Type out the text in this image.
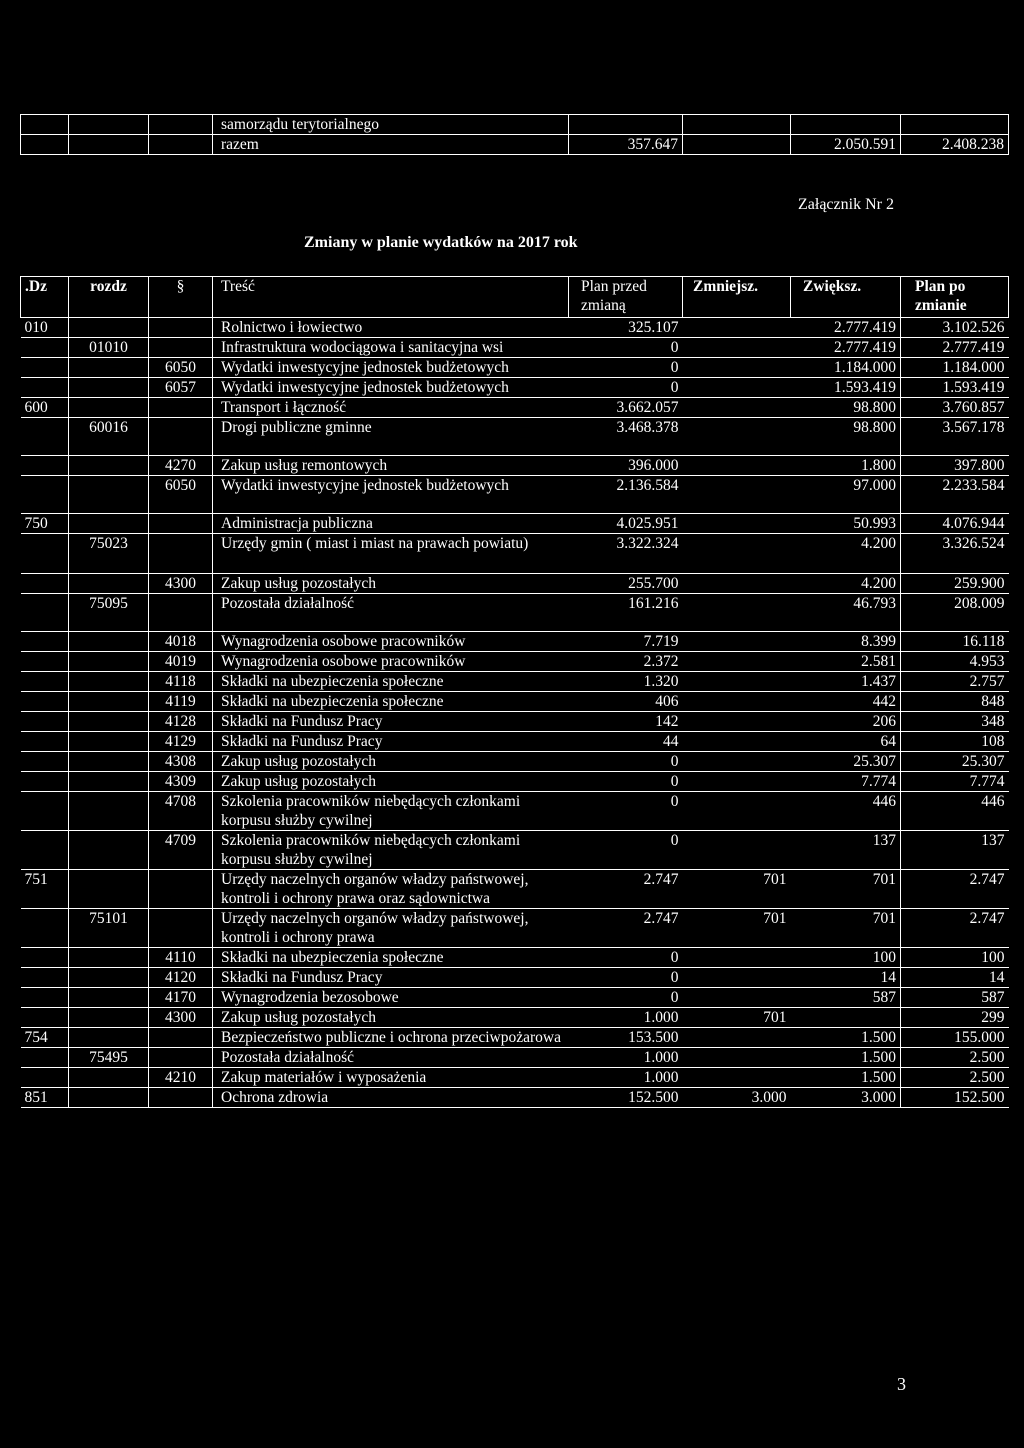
			samorządu terytorialnego				
			razem	357.647		2.050.591	2.408.238
Załącznik Nr 2
Zmiany w planie wydatków na 2017 rok
.Dz	rozdz	§	Treść	Plan przed zmianą	Zmniejsz.	Zwiększ.	Plan po zmianie
010			Rolnictwo i łowiectwo	325.107		2.777.419	3.102.526
	01010		Infrastruktura wodociągowa i sanitacyjna wsi	0		2.777.419	2.777.419
		6050	Wydatki inwestycyjne jednostek budżetowych	0		1.184.000	1.184.000
		6057	Wydatki inwestycyjne jednostek budżetowych	0		1.593.419	1.593.419
600			Transport i łączność	3.662.057		98.800	3.760.857
	60016		Drogi publiczne gminne	3.468.378		98.800	3.567.178
		4270	Zakup usług remontowych	396.000		1.800	397.800
		6050	Wydatki inwestycyjne jednostek budżetowych	2.136.584		97.000	2.233.584
750			Administracja publiczna	4.025.951		50.993	4.076.944
	75023		Urzędy gmin ( miast i miast na prawach powiatu)	3.322.324		4.200	3.326.524
		4300	Zakup usług pozostałych	255.700		4.200	259.900
	75095		Pozostała działalność	161.216		46.793	208.009
		4018	Wynagrodzenia osobowe pracowników	7.719		8.399	16.118
		4019	Wynagrodzenia osobowe pracowników	2.372		2.581	4.953
		4118	Składki na ubezpieczenia społeczne	1.320		1.437	2.757
		4119	Składki na ubezpieczenia społeczne	406		442	848
		4128	Składki na Fundusz Pracy	142		206	348
		4129	Składki na Fundusz Pracy	44		64	108
		4308	Zakup usług pozostałych	0		25.307	25.307
		4309	Zakup usług pozostałych	0		7.774	7.774
		4708	Szkolenia pracowników niebędących członkami korpusu służby cywilnej	0		446	446
		4709	Szkolenia pracowników niebędących członkami korpusu służby cywilnej	0		137	137
751			Urzędy naczelnych organów władzy państwowej, kontroli i ochrony prawa oraz sądownictwa	2.747	701	701	2.747
	75101		Urzędy naczelnych organów władzy państwowej, kontroli i ochrony prawa	2.747	701	701	2.747
		4110	Składki na ubezpieczenia społeczne	0		100	100
		4120	Składki na Fundusz Pracy	0		14	14
		4170	Wynagrodzenia bezosobowe	0		587	587
		4300	Zakup usług pozostałych	1.000	701		299
754			Bezpieczeństwo publiczne i ochrona przeciwpożarowa	153.500		1.500	155.000
	75495		Pozostała działalność	1.000		1.500	2.500
		4210	Zakup materiałów i wyposażenia	1.000		1.500	2.500
851			Ochrona zdrowia	152.500	3.000	3.000	152.500
3
